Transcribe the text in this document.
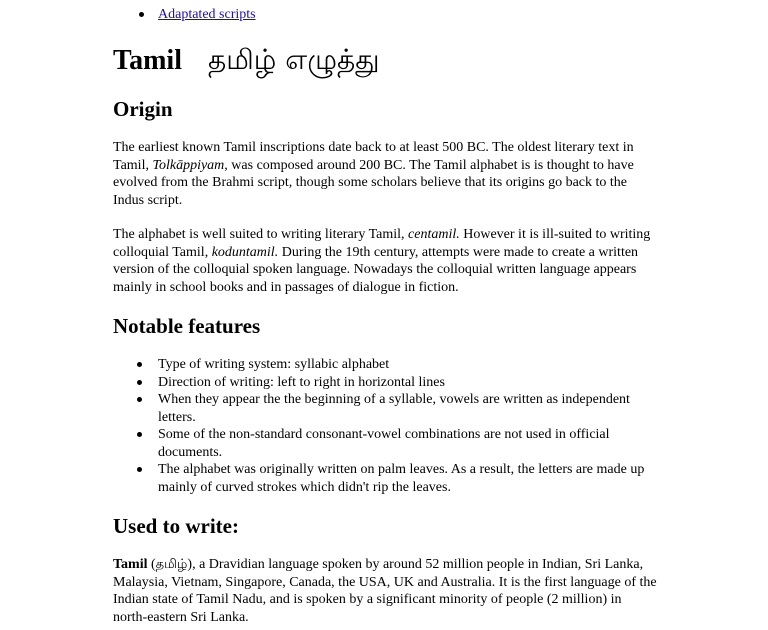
Adaptated scripts
Tamil தமிழ் எழுத்து
Origin

The earliest known Tamil inscriptions date back to at least 500 BC. The oldest literary text in Tamil, Tolkāppiyam, was composed around 200 BC. The Tamil alphabet is is thought to have evolved from the Brahmi script, though some scholars believe that its origins go back to the Indus script.

The alphabet is well suited to writing literary Tamil, centamil. However it is ill-suited to writing colloquial Tamil, koduntamil. During the 19th century, attempts were made to create a written version of the colloquial spoken language. Nowadays the colloquial written language appears mainly in school books and in passages of dialogue in fiction.

Notable features
Type of writing system: syllabic alphabet
Direction of writing: left to right in horizontal lines
When they appear the the beginning of a syllable, vowels are written as independent letters.
Some of the non-standard consonant-vowel combinations are not used in official documents.
The alphabet was originally written on palm leaves. As a result, the letters are made up mainly of curved strokes which didn't rip the leaves.
Used to write:

Tamil (தமிழ்), a Dravidian language spoken by around 52 million people in Indian, Sri Lanka, Malaysia, Vietnam, Singapore, Canada, the USA, UK and Australia. It is the first language of the Indian state of Tamil Nadu, and is spoken by a significant minority of people (2 million) in north-eastern Sri Lanka.
